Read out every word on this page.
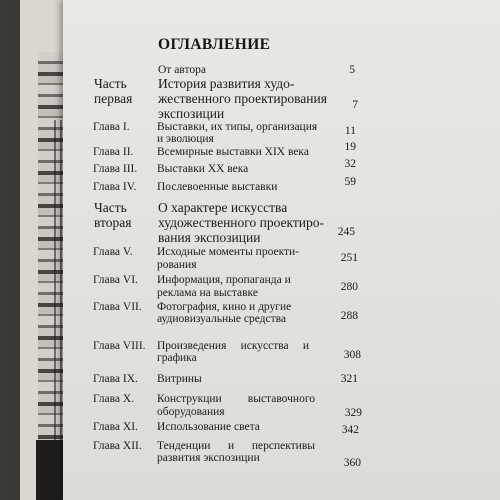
ОГЛАВЛЕНИЕ
От автора	5
Часть
первая
История развития худо-
жественного проектирования
экспозиции
7
Глава I. Выставки, их типы, организация
и эволюция
11
Глава II. Всемирные выставки XIX века	19
Глава III. Выставки XX века	32
Глава IV. Послевоенные выставки	59
Часть
вторая
О характере искусства
художественного проектиро-
вания экспозиции	245
Глава V. Исходные моменты проекти-
рования
251
Глава VI. Информация, пропаганда и
реклама на выставке	280
Глава VII. Фотография, кино и другие
аудиовизуальные средства	288
Глава VIII. Произведения искусства и
графика	308
Глава IX. Витрины	321
Глава X. Конструкции выставочного
оборудования	329
Глава XI. Использование света	342
Глава XII. Тенденции и перспективы
развития экспозиции	360
